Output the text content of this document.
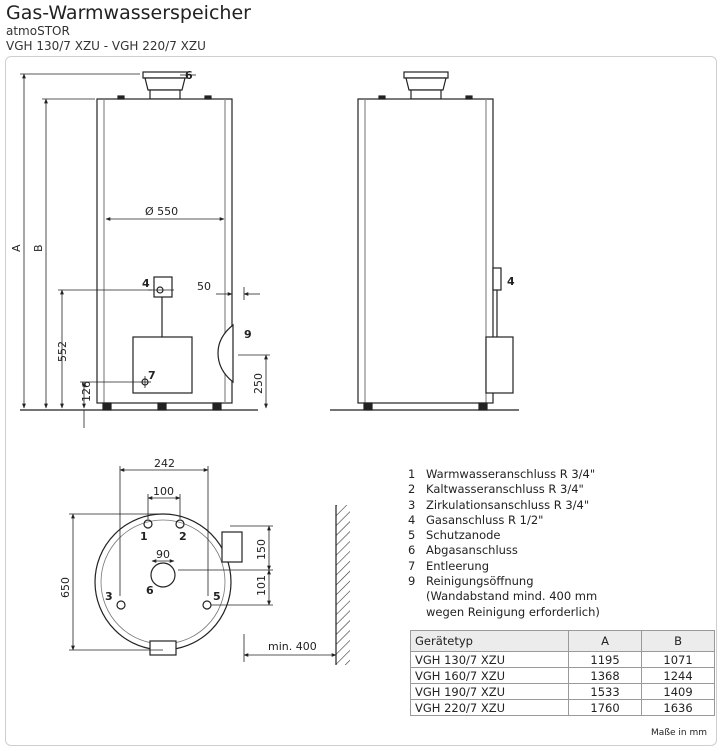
Gas-Warmwasserspeicher
atmoSTOR
VGH 130/7 XZU - VGH 220/7 XZU
A B
552
126
Ø 550
50
250
6
4
7
9
4
242
100
90
650
150
101
min. 400
1	2
3	5
6
1 Warmwasseranschluss R 3/4"
2 Kaltwasseranschluss R 3/4"
3 Zirkulationsanschluss R 3/4"
4 Gasanschluss R 1/2"
5 Schutzanode
6 Abgasanschluss
7 Entleerung
9 Reinigungsöffnung
(Wandabstand mind. 400 mm
wegen Reinigung erforderlich)
Gerätetyp	A	B
VGH 130/7 XZU	1195	1071
VGH 160/7 XZU	1368	1244
VGH 190/7 XZU	1533	1409
VGH 220/7 XZU	1760	1636
Maße in mm
